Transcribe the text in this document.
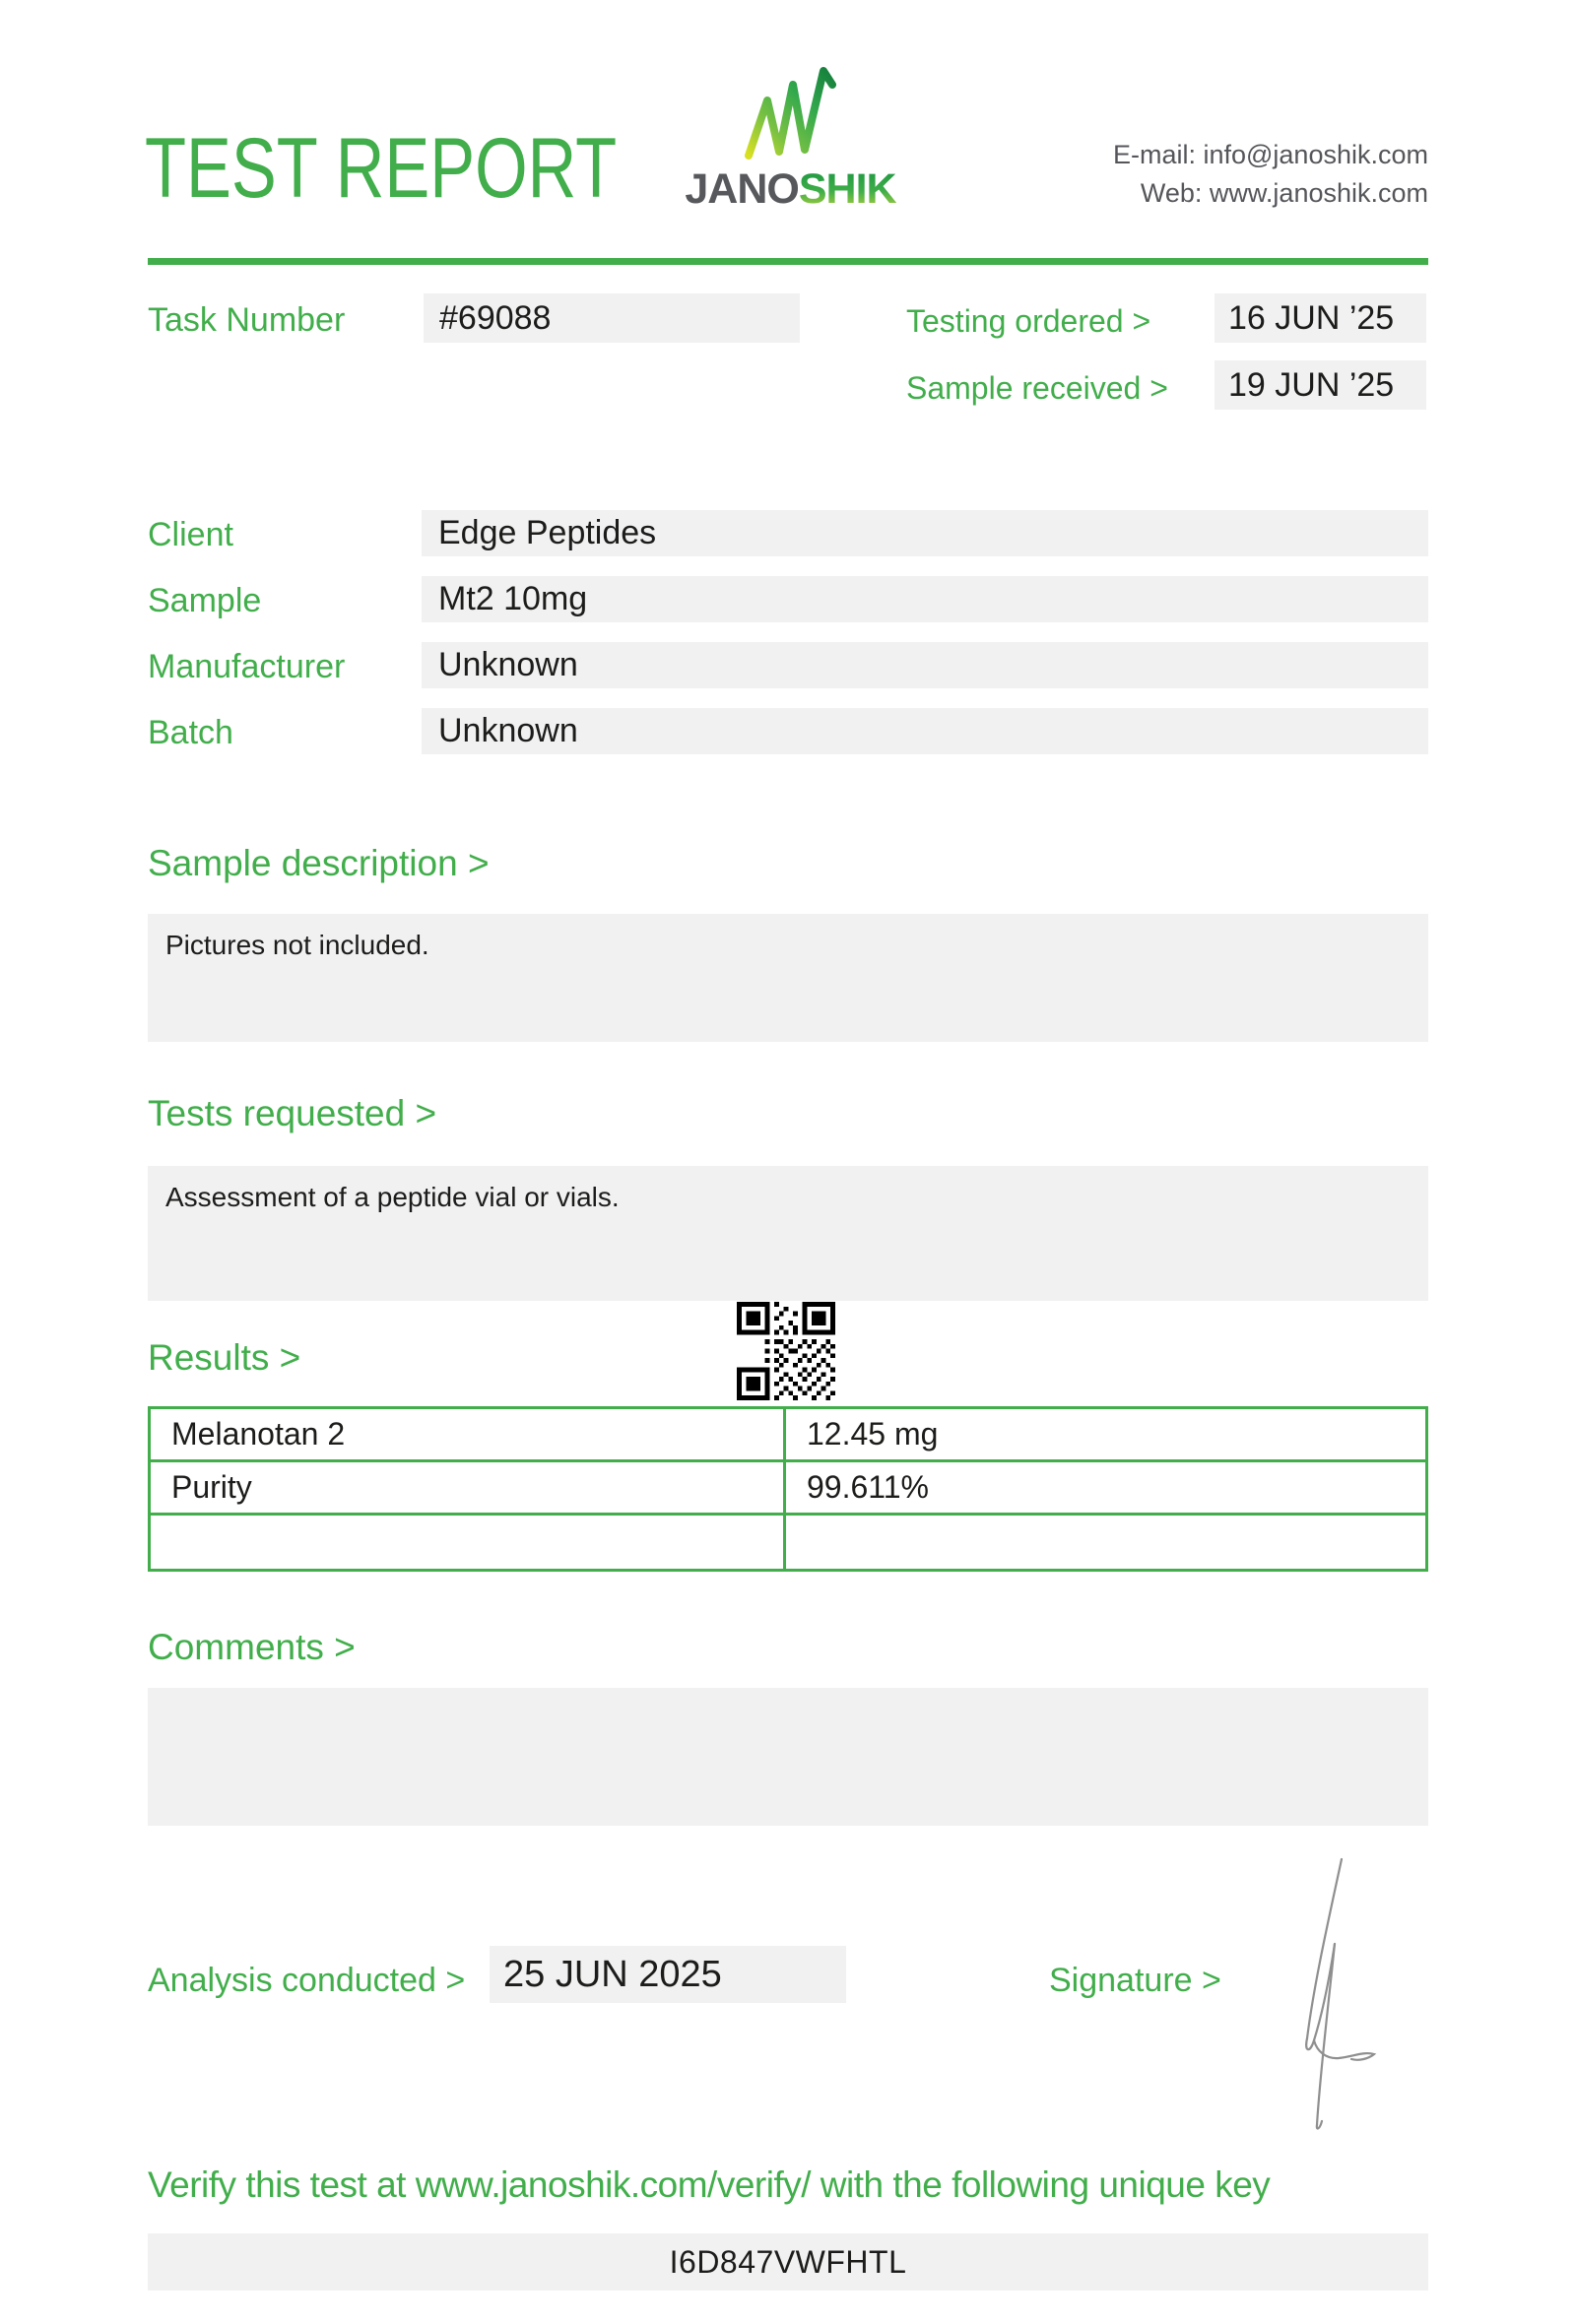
TEST REPORT	JANOSHIK
E-mail: info@janoshik.com
Web: www.janoshik.com
Task Number	#69088	Testing ordered >	16 JUN ’25
Sample received >	19 JUN ’25
Client	Edge Peptides
Sample	Mt2 10mg
Manufacturer	Unknown
Batch	Unknown
Sample description >
Pictures not included.
Tests requested >
Assessment of a peptide vial or vials.
Results >
Melanotan 2	12.45 mg
Purity	99.611%
Comments >
Analysis conducted >	25 JUN 2025	Signature >
Verify this test at www.janoshik.com/verify/ with the following unique key
I6D847VWFHTL
